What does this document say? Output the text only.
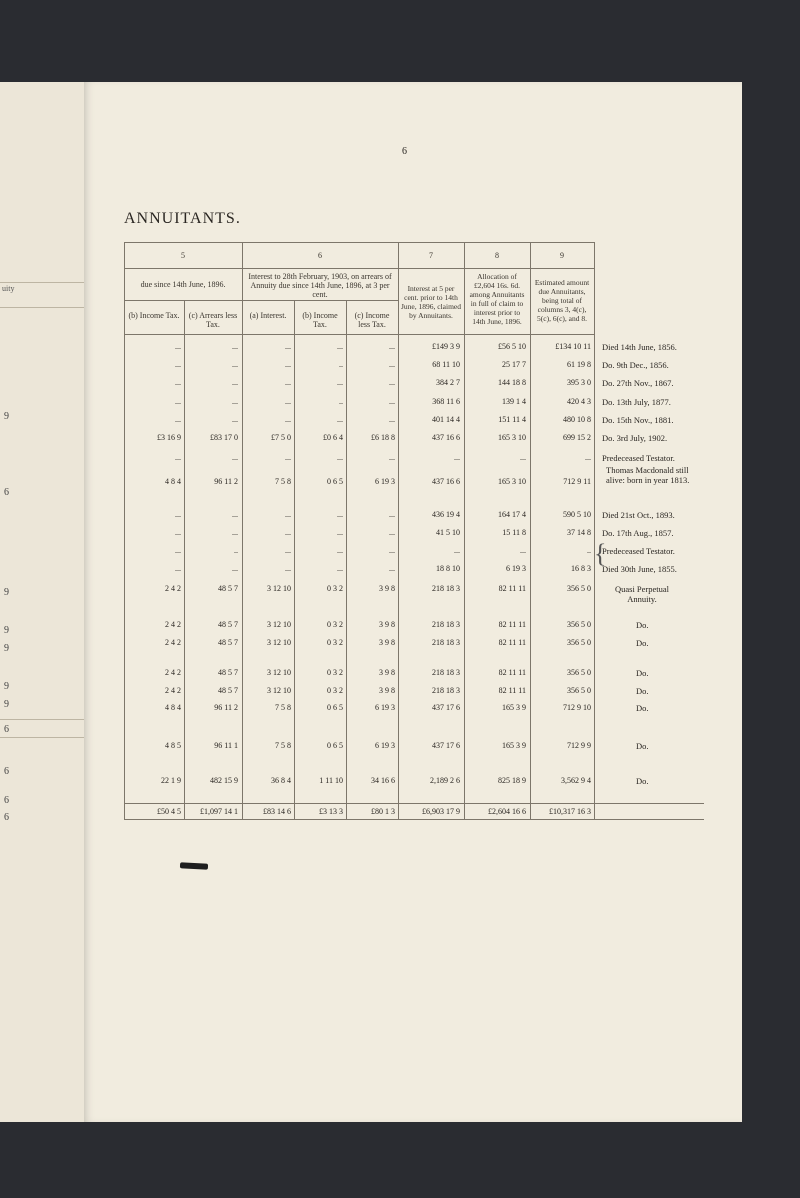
uity
9
6
9
9
9
9
9
6
6
6
6
6
ANNUITANTS.
5	6	7	8	9
due since 14th June, 1896.
Interest to 28th February, 1903, on arrears of Annuity due since 14th June, 1896, at 3 per cent.
Interest at 5 per cent. prior to 14th June, 1896, claimed by Annuitants.
Allocation of £2,604 16s. 6d. among Annuitants in full of claim to interest prior to 14th June, 1896.
Estimated amount due Annuitants, being total of columns 3, 4(c), 5(c), 6(c), and 8.
(b) Income Tax.	(c) Arrears less Tax.
(a) Interest.	(b) Income Tax.
(c) Income less Tax.
...	...	...	...	...	£149 3 9	£56 5 10	£134 10 11 Died 14th June, 1856.
...	...	...	..	...	68 11 10	25 17 7	61 19 8 Do. 9th Dec., 1856.
...	...	...	...	...	384 2 7	144 18 8	395 3 0 Do. 27th Nov., 1867.
...	...	...	..	...	368 11 6	139 1 4	420 4 3 Do. 13th July, 1877.
...	...	...	...	...	401 14 4	151 11 4	480 10 8 Do. 15th Nov., 1881.
£3 16 9	£83 17 0	£7 5 0	£0 6 4	£6 18 8	437 16 6	165 3 10	699 15 2 Do. 3rd July, 1902.
...	...	...	...	...	...	...	... Predeceased Testator.
4 8 4	96 11 2	7 5 8	0 6 5	6 19 3	437 16 6	165 3 10	712 9 11
Thomas Macdonald still alive: born in year 1813.
...	...	...	...	...	436 19 4	164 17 4	590 5 10 Died 21st Oct., 1893.
...	...	...	...	...	41 5 10	15 11 8	37 14 8 Do. 17th Aug., 1857.
...	..	...	...	...	...	...	.. Predeceased Testator.
...	...	...	...	...	18 8 10	6 19 3	16 8 3 Died 30th June, 1855.
2 4 2	48 5 7	3 12 10	0 3 2	3 9 8	218 18 3	82 11 11	356 5 0	Quasi Perpetual Annuity.
2 4 2	48 5 7	3 12 10	0 3 2	3 9 8	218 18 3	82 11 11	356 5 0	Do.
2 4 2	48 5 7	3 12 10	0 3 2	3 9 8	218 18 3	82 11 11	356 5 0	Do.
2 4 2	48 5 7	3 12 10	0 3 2	3 9 8	218 18 3	82 11 11	356 5 0	Do.
2 4 2	48 5 7	3 12 10	0 3 2	3 9 8	218 18 3	82 11 11	356 5 0	Do.
4 8 4	96 11 2	7 5 8	0 6 5	6 19 3	437 17 6	165 3 9	712 9 10	Do.
4 8 5	96 11 1	7 5 8	0 6 5	6 19 3	437 17 6	165 3 9	712 9 9	Do.
22 1 9	482 15 9	36 8 4	1 11 10	34 16 6	2,189 2 6	825 18 9	3,562 9 4	Do.
£50 4 5 £1,097 14 1	£83 14 6	£3 13 3	£80 1 3	£6,903 17 9	£2,604 16 6	£10,317 16 3
{
